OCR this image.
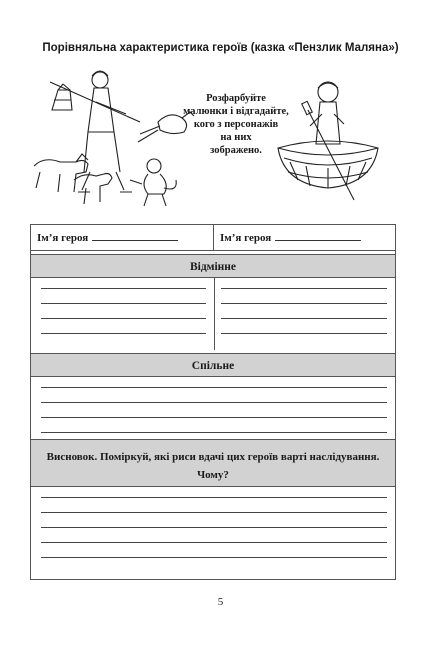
Порівняльна характеристика героїв (казка «Пензлик Маляна»)
Розфарбуйте
малюнки і відгадайте,
кого з персонажів
на них
зображено.
Ім’я героя	Ім’я героя
Відмінне
Спільне
Висновок. Поміркуй, які риси вдачі цих героїв варті наслідування.
Чому?
5
